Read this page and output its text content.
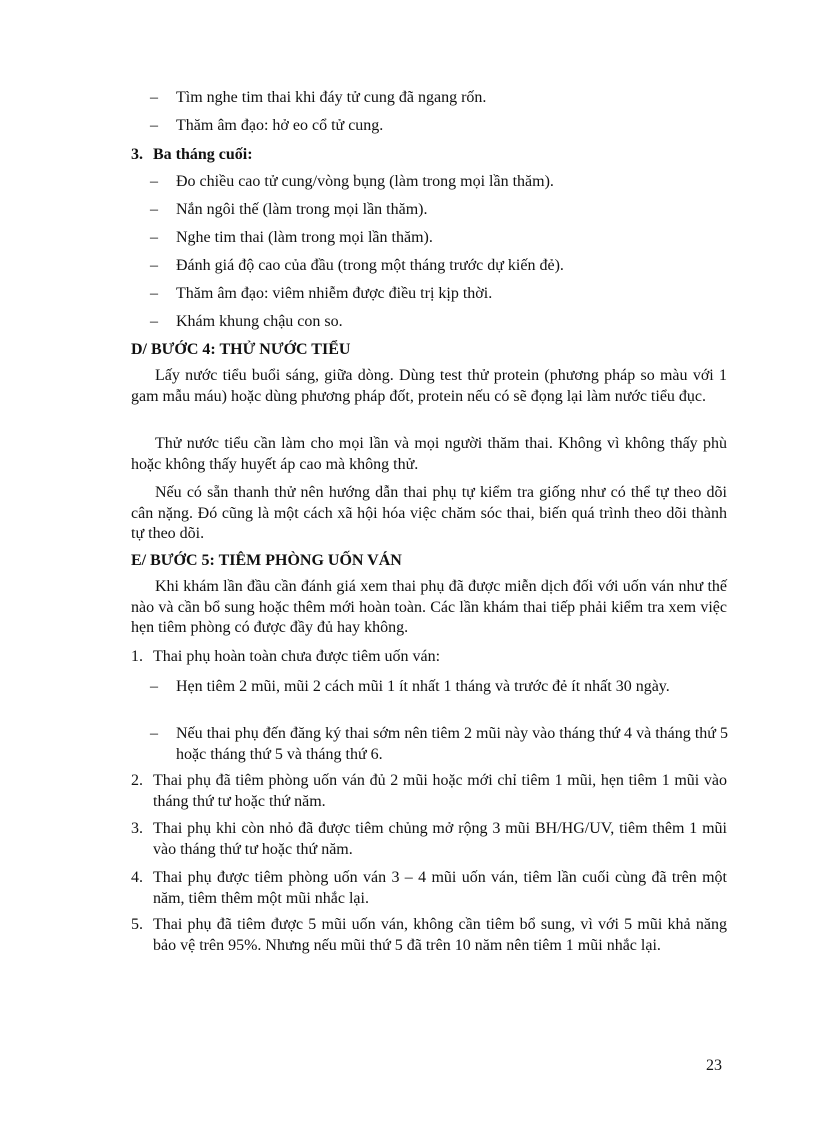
– Tìm nghe tim thai khi đáy tử cung đã ngang rốn.
– Thăm âm đạo: hở eo cổ tử cung.
3. Ba tháng cuối:
– Đo chiều cao tử cung/vòng bụng (làm trong mọi lần thăm).
– Nắn ngôi thế (làm trong mọi lần thăm).
– Nghe tim thai (làm trong mọi lần thăm).
– Đánh giá độ cao của đầu (trong một tháng trước dự kiến đẻ).
– Thăm âm đạo: viêm nhiễm được điều trị kịp thời.
– Khám khung chậu con so.
D/ BƯỚC 4: THỬ NƯỚC TIỂU
Lấy nước tiểu buổi sáng, giữa dòng. Dùng test thử protein (phương pháp so màu với 1 gam mẫu máu) hoặc dùng phương pháp đốt, protein nếu có sẽ đọng lại làm nước tiểu đục.
Thử nước tiểu cần làm cho mọi lần và mọi người thăm thai. Không vì không thấy phù hoặc không thấy huyết áp cao mà không thử.
Nếu có sẵn thanh thử nên hướng dẫn thai phụ tự kiểm tra giống như có thể tự theo dõi cân nặng. Đó cũng là một cách xã hội hóa việc chăm sóc thai, biến quá trình theo dõi thành tự theo dõi.
E/ BƯỚC 5: TIÊM PHÒNG UỐN VÁN
Khi khám lần đầu cần đánh giá xem thai phụ đã được miễn dịch đối với uốn ván như thế nào và cần bổ sung hoặc thêm mới hoàn toàn. Các lần khám thai tiếp phải kiểm tra xem việc hẹn tiêm phòng có được đầy đủ hay không.
1. Thai phụ hoàn toàn chưa được tiêm uốn ván:
– Hẹn tiêm 2 mũi, mũi 2 cách mũi 1 ít nhất 1 tháng và trước đẻ ít nhất 30 ngày.
– Nếu thai phụ đến đăng ký thai sớm nên tiêm 2 mũi này vào tháng thứ 4 và tháng thứ 5 hoặc tháng thứ 5 và tháng thứ 6.
2. Thai phụ đã tiêm phòng uốn ván đủ 2 mũi hoặc mới chỉ tiêm 1 mũi, hẹn tiêm 1 mũi vào tháng thứ tư hoặc thứ năm.
3. Thai phụ khi còn nhỏ đã được tiêm chủng mở rộng 3 mũi BH/HG/UV, tiêm thêm 1 mũi vào tháng thứ tư hoặc thứ năm.
4. Thai phụ được tiêm phòng uốn ván 3 – 4 mũi uốn ván, tiêm lần cuối cùng đã trên một năm, tiêm thêm một mũi nhắc lại.
5. Thai phụ đã tiêm được 5 mũi uốn ván, không cần tiêm bổ sung, vì với 5 mũi khả năng bảo vệ trên 95%. Nhưng nếu mũi thứ 5 đã trên 10 năm nên tiêm 1 mũi nhắc lại.
23
